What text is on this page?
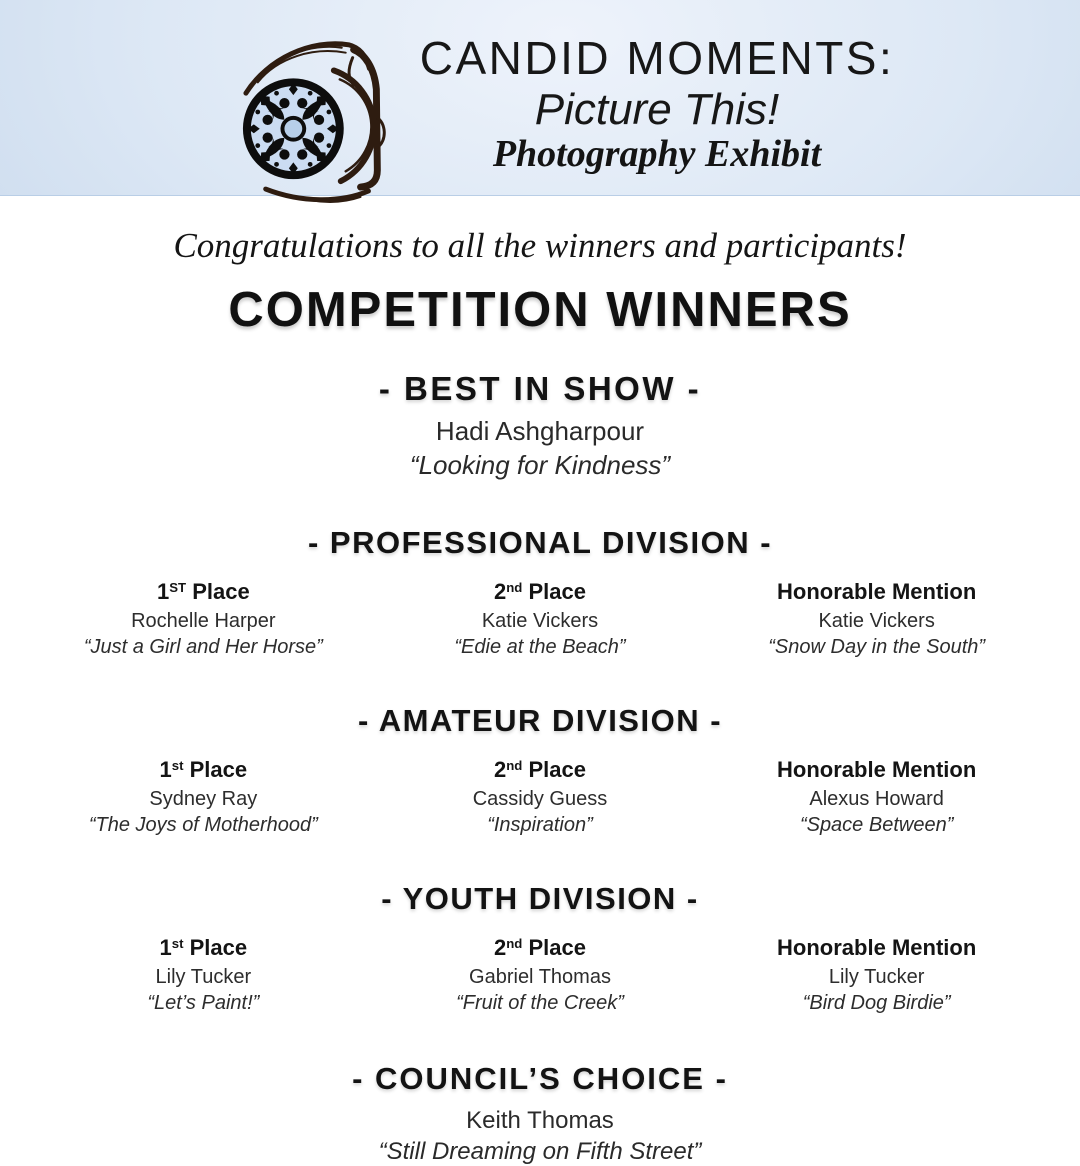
CANDID MOMENTS:
Picture This!
Photography Exhibit
Congratulations to all the winners and participants!
COMPETITION WINNERS
- BEST IN SHOW -
Hadi Ashgharpour
“Looking for Kindness”
- PROFESSIONAL DIVISION -
1ST Place
Rochelle Harper
“Just a Girl and Her Horse”
2nd Place
Katie Vickers
“Edie at the Beach”
Honorable Mention
Katie Vickers
“Snow Day in the South”
- AMATEUR DIVISION -
1st Place
Sydney Ray
“The Joys of Motherhood”
2nd Place
Cassidy Guess
“Inspiration”
Honorable Mention
Alexus Howard
“Space Between”
- YOUTH DIVISION -
1st Place
Lily Tucker
“Let’s Paint!”
2nd Place
Gabriel Thomas
“Fruit of the Creek”
Honorable Mention
Lily Tucker
“Bird Dog Birdie”
- COUNCIL’S CHOICE -
Keith Thomas
“Still Dreaming on Fifth Street”
